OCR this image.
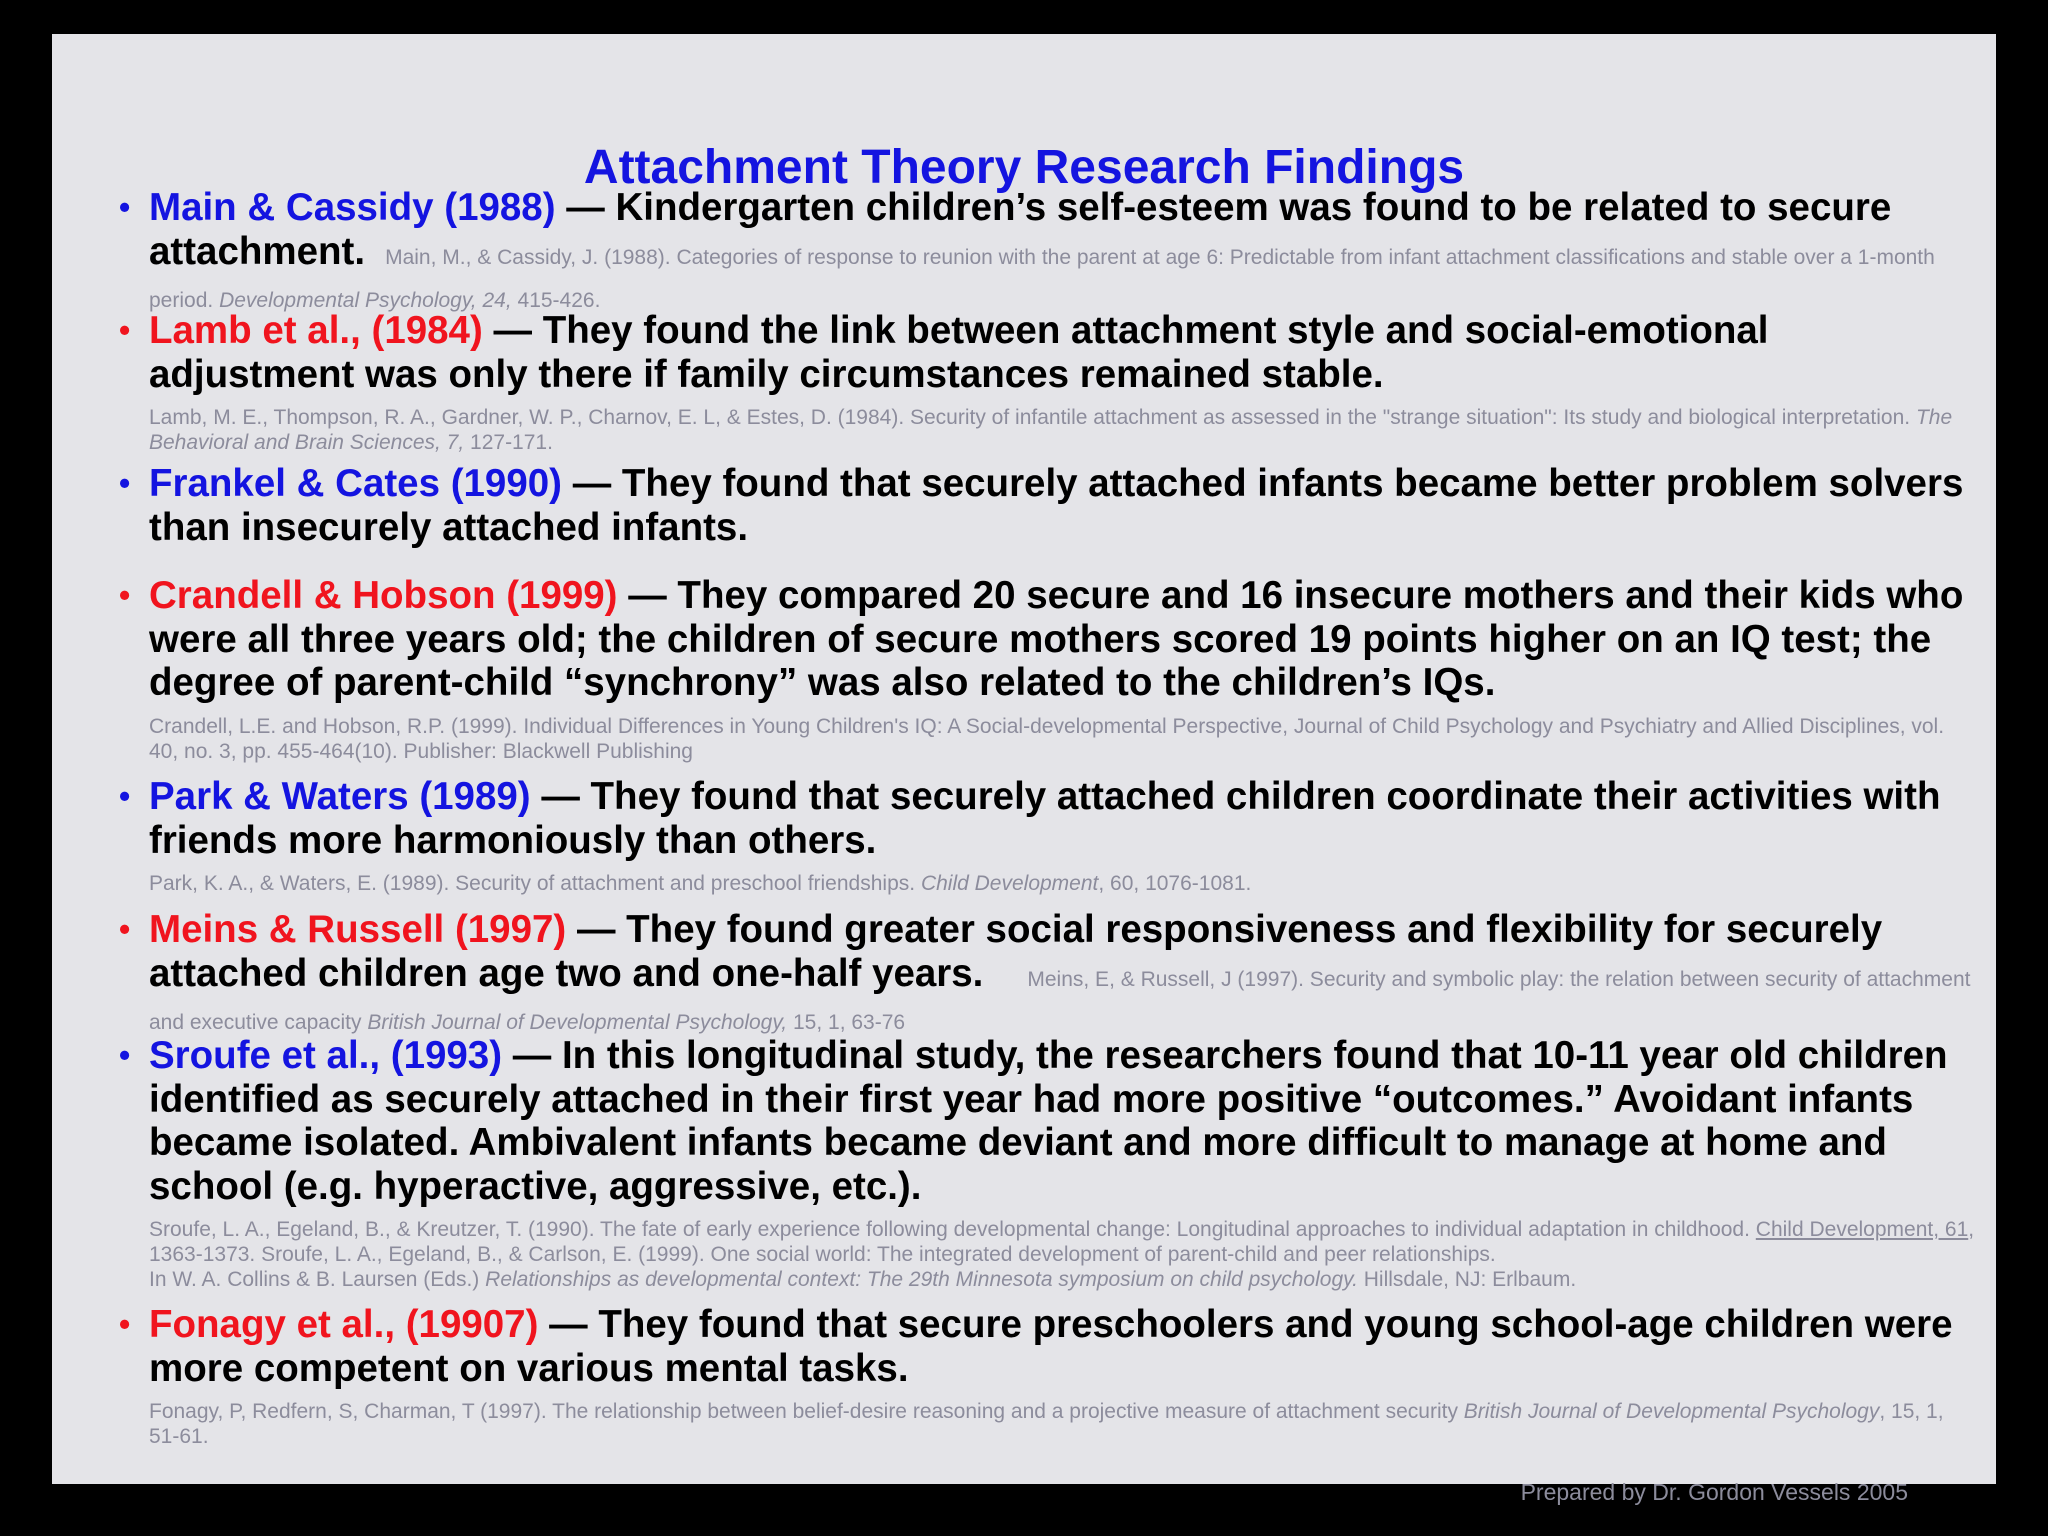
Attachment Theory Research Findings
• Main & Cassidy (1988) — Kindergarten children’s self-esteem was found to be related to secure attachment. Main, M., & Cassidy, J. (1988). Categories of response to reunion with the parent at age 6: Predictable from infant attachment classifications and stable over a 1-month period. Developmental Psychology, 24, 415-426.
• Lamb et al., (1984) — They found the link between attachment style and social-emotional adjustment was only there if family circumstances remained stable.
Lamb, M. E., Thompson, R. A., Gardner, W. P., Charnov, E. L, & Estes, D. (1984). Security of infantile attachment as assessed in the "strange situation": Its study and biological interpretation. The Behavioral and Brain Sciences, 7, 127-171.
• Frankel & Cates (1990) — They found that securely attached infants became better problem solvers than insecurely attached infants.
• Crandell & Hobson (1999) — They compared 20 secure and 16 insecure mothers and their kids who were all three years old; the children of secure mothers scored 19 points higher on an IQ test; the degree of parent-child “synchrony” was also related to the children’s IQs.
Crandell, L.E. and Hobson, R.P. (1999). Individual Differences in Young Children's IQ: A Social-developmental Perspective, Journal of Child Psychology and Psychiatry and Allied Disciplines, vol. 40, no. 3, pp. 455-464(10). Publisher: Blackwell Publishing
• Park & Waters (1989) — They found that securely attached children coordinate their activities with friends more harmoniously than others.
Park, K. A., & Waters, E. (1989). Security of attachment and preschool friendships. Child Development, 60, 1076-1081.
• Meins & Russell (1997) — They found greater social responsiveness and flexibility for securely attached children age two and one-half years. Meins, E, & Russell, J (1997). Security and symbolic play: the relation between security of attachment and executive capacity British Journal of Developmental Psychology, 15, 1, 63-76
• Sroufe et al., (1993) — In this longitudinal study, the researchers found that 10-11 year old children identified as securely attached in their first year had more positive “outcomes.” Avoidant infants became isolated. Ambivalent infants became deviant and more difficult to manage at home and school (e.g. hyperactive, aggressive, etc.).
Sroufe, L. A., Egeland, B., & Kreutzer, T. (1990). The fate of early experience following developmental change: Longitudinal approaches to individual adaptation in childhood. Child Development, 61, 1363-1373. Sroufe, L. A., Egeland, B., & Carlson, E. (1999). One social world: The integrated development of parent-child and peer relationships.
In W. A. Collins & B. Laursen (Eds.) Relationships as developmental context: The 29th Minnesota symposium on child psychology. Hillsdale, NJ: Erlbaum.
• Fonagy et al., (19907) — They found that secure preschoolers and young school-age children were more competent on various mental tasks.
Fonagy, P, Redfern, S, Charman, T (1997). The relationship between belief-desire reasoning and a projective measure of attachment security British Journal of Developmental Psychology, 15, 1, 51-61.
Prepared by Dr. Gordon Vessels 2005
